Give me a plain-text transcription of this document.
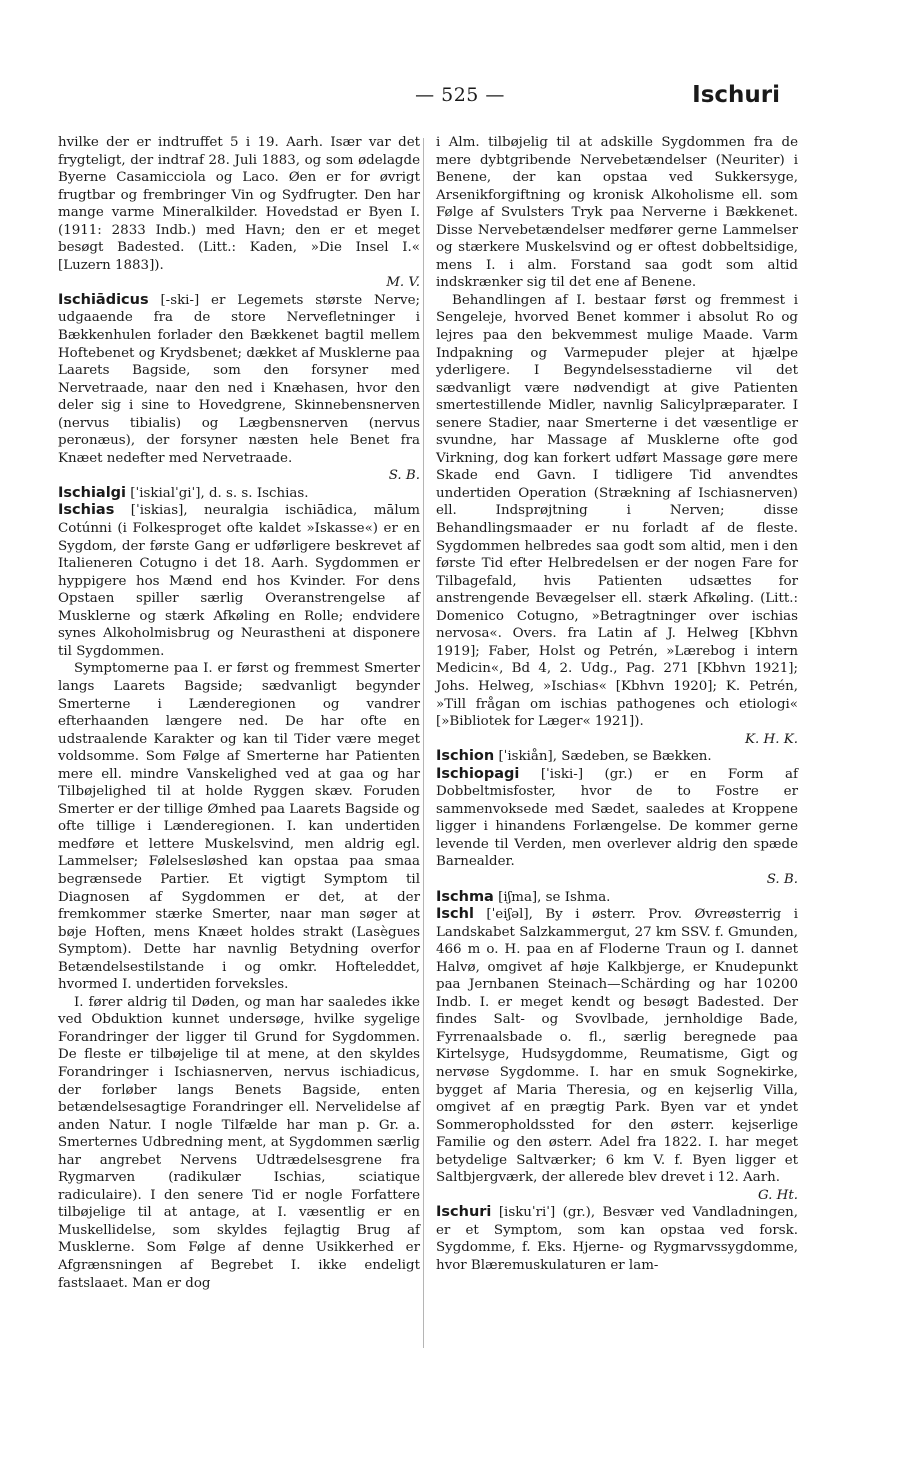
— 525 —	Ischuri

hvilke der er indtruffet 5 i 19. Aarh. Især var det frygteligt, der indtraf 28. Juli 1883, og som ødelagde Byerne Casamicciola og Laco. Øen er for øvrigt frugtbar og frembringer Vin og Sydfrugter. Den har mange varme Mineralkilder. Hovedstad er Byen I. (1911: 2833 Indb.) med Havn; den er et meget besøgt Badested. (Litt.: Kaden, »Die Insel I.« [Luzern 1883]).

M. V.

Ischiādicus [-ski-] er Legemets største Nerve; udgaaende fra de store Nervefletninger i Bækkenhulen forlader den Bækkenet bagtil mellem Hoftebenet og Krydsbenet; dækket af Musklerne paa Laarets Bagside, som den forsyner med Nervetraade, naar den ned i Knæhasen, hvor den deler sig i sine to Hovedgrene, Skinnebensnerven (nervus tibialis) og Lægbensnerven (nervus peronæus), der forsyner næsten hele Benet fra Knæet nedefter med Nervetraade.

S. B.

Ischialgi [ˈiskialˈgiˈ], d. s. s. Ischias.

Ischias [ˈiskias], neuralgia ischiādica, mālum Cotúnni (i Folkesproget ofte kaldet »Iskasse«) er en Sygdom, der første Gang er udførligere beskrevet af Italieneren Cotugno i det 18. Aarh. Sygdommen er hyppigere hos Mænd end hos Kvinder. For dens Opstaen spiller særlig Overanstrengelse af Musklerne og stærk Afkøling en Rolle; endvidere synes Alkoholmisbrug og Neurastheni at disponere til Sygdommen.

Symptomerne paa I. er først og fremmest Smerter langs Laarets Bagside; sædvanligt begynder Smerterne i Lænderegionen og vandrer efterhaanden længere ned. De har ofte en udstraalende Karakter og kan til Tider være meget voldsomme. Som Følge af Smerterne har Patienten mere ell. mindre Vanskelighed ved at gaa og har Tilbøjelighed til at holde Ryggen skæv. Foruden Smerter er der tillige Ømhed paa Laarets Bagside og ofte tillige i Lænderegionen. I. kan undertiden medføre et lettere Muskelsvind, men aldrig egl. Lammelser; Følelsesløshed kan opstaa paa smaa begrænsede Partier. Et vigtigt Symptom til Diagnosen af Sygdommen er det, at der fremkommer stærke Smerter, naar man søger at bøje Hoften, mens Knæet holdes strakt (Lasègues Symptom). Dette har navnlig Betydning overfor Betændelsestilstande i og omkr. Hofteleddet, hvormed I. undertiden forveksles.

I. fører aldrig til Døden, og man har saaledes ikke ved Obduktion kunnet undersøge, hvilke sygelige Forandringer der ligger til Grund for Sygdommen. De fleste er tilbøjelige til at mene, at den skyldes Forandringer i Ischiasnerven, nervus ischiadicus, der forløber langs Benets Bagside, enten betændelsesagtige Forandringer ell. Nervelidelse af anden Natur. I nogle Tilfælde har man p. Gr. a. Smerternes Udbredning ment, at Sygdommen særlig har angrebet Nervens Udtrædelsesgrene fra Rygmarven (radikulær Ischias, sciatique radiculaire). I den senere Tid er nogle Forfattere tilbøjelige til at antage, at I. væsentlig er en Muskellidelse, som skyldes fejlagtig Brug af Musklerne. Som Følge af denne Usikkerhed er Afgrænsningen af Begrebet I. ikke endeligt fastslaaet. Man er dog

i Alm. tilbøjelig til at adskille Sygdommen fra de mere dybtgribende Nervebetændelser (Neuriter) i Benene, der kan opstaa ved Sukkersyge, Arsenikforgiftning og kronisk Alkoholisme ell. som Følge af Svulsters Tryk paa Nerverne i Bækkenet. Disse Nervebetændelser medfører gerne Lammelser og stærkere Muskelsvind og er oftest dobbeltsidige, mens I. i alm. Forstand saa godt som altid indskrænker sig til det ene af Benene.

Behandlingen af I. bestaar først og fremmest i Sengeleje, hvorved Benet kommer i absolut Ro og lejres paa den bekvemmest mulige Maade. Varm Indpakning og Varmepuder plejer at hjælpe yderligere. I Begyndelsesstadierne vil det sædvanligt være nødvendigt at give Patienten smertestillende Midler, navnlig Salicylpræparater. I senere Stadier, naar Smerterne i det væsentlige er svundne, har Massage af Musklerne ofte god Virkning, dog kan forkert udført Massage gøre mere Skade end Gavn. I tidligere Tid anvendtes undertiden Operation (Strækning af Ischiasnerven) ell. Indsprøjtning i Nerven; disse Behandlingsmaader er nu forladt af de fleste. Sygdommen helbredes saa godt som altid, men i den første Tid efter Helbredelsen er der nogen Fare for Tilbagefald, hvis Patienten udsættes for anstrengende Bevægelser ell. stærk Afkøling. (Litt.: Domenico Cotugno, »Betragtninger over ischias nervosa«. Overs. fra Latin af J. Helweg [Kbhvn 1919]; Faber, Holst og Petrén, »Lærebog i intern Medicin«, Bd 4, 2. Udg., Pag. 271 [Kbhvn 1921]; Johs. Helweg, »Ischias« [Kbhvn 1920]; K. Petrén, »Till frågan om ischias pathogenes och etiologi« [»Bibliotek for Læger« 1921]).

K. H. K.

Ischion [ˈiskiån], Sædeben, se Bækken.

Ischiopagi [ˈiski-] (gr.) er en Form af Dobbeltmisfoster, hvor de to Fostre er sammenvoksede med Sædet, saaledes at Kroppene ligger i hinandens Forlængelse. De kommer gerne levende til Verden, men overlever aldrig den spæde Barnealder.

S. B.

Ischma [iʃma], se Ishma.

Ischl [ˈeiʃəl], By i østerr. Prov. Øvreøsterrig i Landskabet Salzkammergut, 27 km SSV. f. Gmunden, 466 m o. H. paa en af Floderne Traun og I. dannet Halvø, omgivet af høje Kalkbjerge, er Knudepunkt paa Jernbanen Steinach—Schärding og har 10200 Indb. I. er meget kendt og besøgt Badested. Der findes Salt- og Svovlbade, jernholdige Bade, Fyrrenaalsbade o. fl., særlig beregnede paa Kirtelsyge, Hudsygdomme, Reumatisme, Gigt og nervøse Sygdomme. I. har en smuk Sognekirke, bygget af Maria Theresia, og en kejserlig Villa, omgivet af en prægtig Park. Byen var et yndet Sommeropholdssted for den østerr. kejserlige Familie og den østerr. Adel fra 1822. I. har meget betydelige Saltværker; 6 km V. f. Byen ligger et Saltbjergværk, der allerede blev drevet i 12. Aarh.

G. Ht.

Ischuri [iskuˈriˈ] (gr.), Besvær ved Vandladningen, er et Symptom, som kan opstaa ved forsk. Sygdomme, f. Eks. Hjerne- og Rygmarvssygdomme, hvor Blæremuskulaturen er lam-
